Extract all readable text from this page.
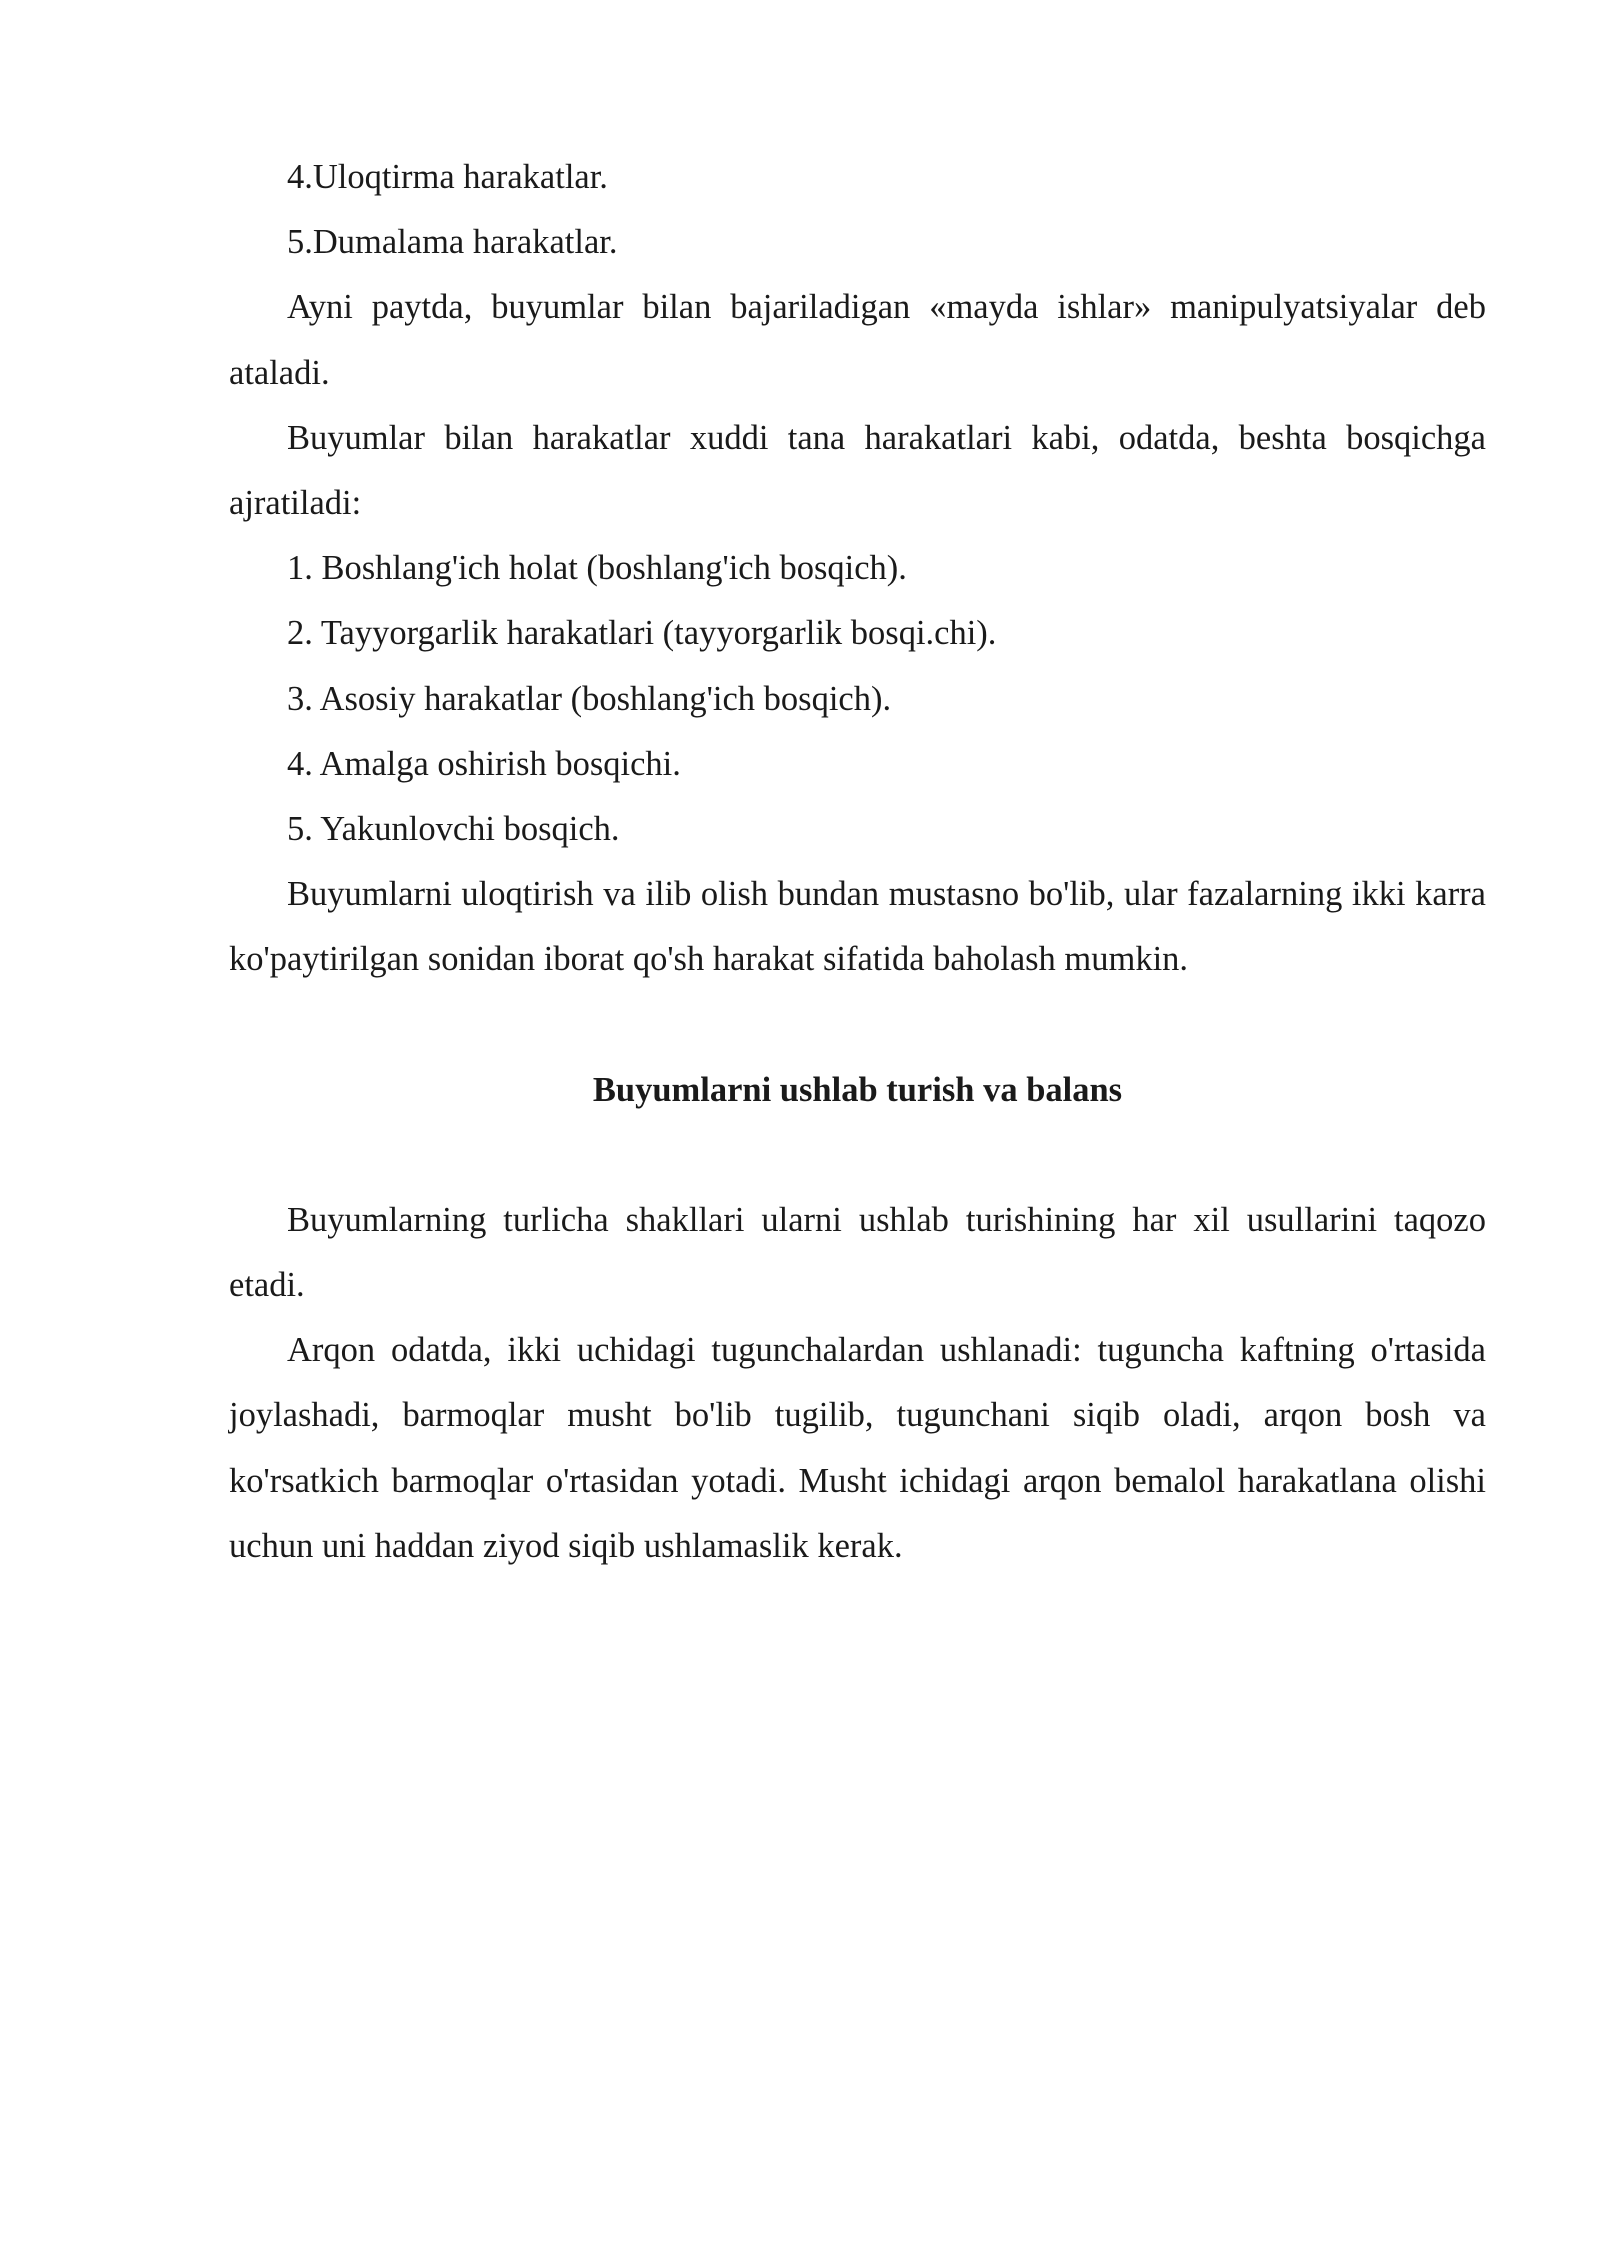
4.Uloqtirma harakatlar.

5.Dumalama harakatlar.

Ayni paytda, buyumlar bilan bajariladigan «mayda ishlar» manipulyatsiyalar deb ataladi.

Buyumlar bilan harakatlar xuddi tana harakatlari kabi, odatda, beshta bosqichga ajratiladi:

1. Boshlang'ich holat (boshlang'ich bosqich).

2. Tayyorgarlik harakatlari (tayyorgarlik bosqi.chi).

3. Asosiy harakatlar (boshlang'ich bosqich).

4. Amalga oshirish bosqichi.

5. Yakunlovchi bosqich.

Buyumlarni uloqtirish va ilib olish bundan mustasno bo'lib, ular fazalarning ikki karra ko'paytirilgan sonidan iborat qo'sh harakat sifatida baholash mumkin.

Buyumlarni ushlab turish va balans

Buyumlarning turlicha shakllari ularni ushlab turishining har xil usullarini taqozo etadi.

Arqon odatda, ikki uchidagi tugunchalardan ushlanadi: tuguncha kaftning o'rtasida joylashadi, barmoqlar musht bo'lib tugilib, tugunchani siqib oladi, arqon bosh va ko'rsatkich barmoqlar o'rtasidan yotadi. Musht ichidagi arqon bemalol harakatlana olishi uchun uni haddan ziyod siqib ushlamaslik kerak.
